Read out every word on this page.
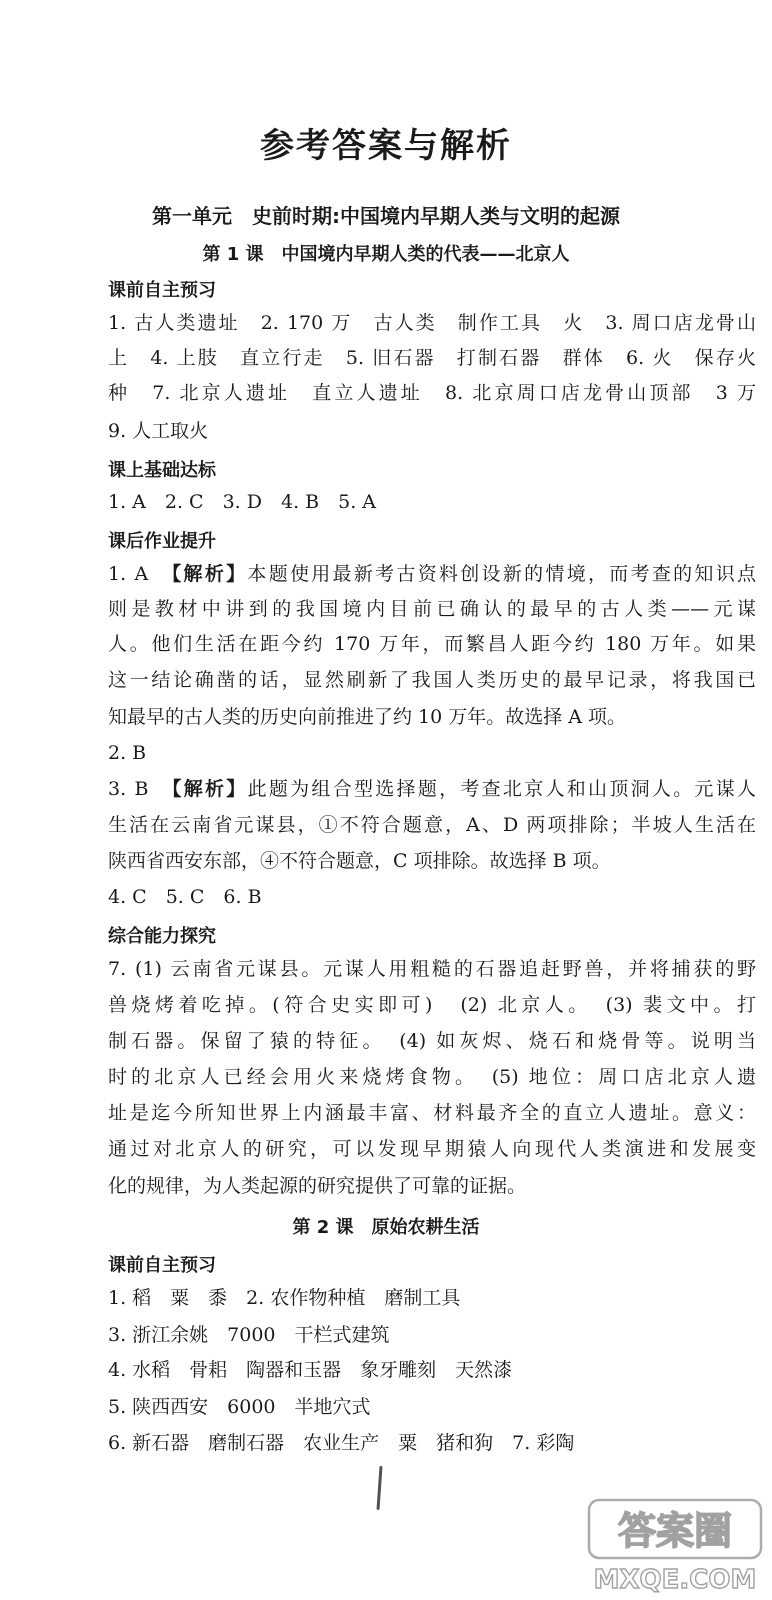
参考答案与解析
第一单元　史前时期:中国境内早期人类与文明的起源
第 1 课　中国境内早期人类的代表——北京人
课前自主预习

1. 古人类遗址　2. 170 万　古人类　制作工具　火　3. 周口店龙骨山

上　4. 上肢　直立行走　5. 旧石器　打制石器　群体　6. 火　保存火

种　7. 北京人遗址　直立人遗址　8. 北京周口店龙骨山顶部　3 万

9. 人工取火

课上基础达标

1. A　2. C　3. D　4. B　5. A

课后作业提升

1. A　【解析】本题使用最新考古资料创设新的情境，而考查的知识点

则是教材中讲到的我国境内目前已确认的最早的古人类——元谋

人。他们生活在距今约 170 万年，而繁昌人距今约 180 万年。如果

这一结论确凿的话，显然刷新了我国人类历史的最早记录，将我国已

知最早的古人类的历史向前推进了约 10 万年。故选择 A 项。

2. B

3. B　【解析】此题为组合型选择题，考查北京人和山顶洞人。元谋人

生活在云南省元谋县，①不符合题意，A、D 两项排除；半坡人生活在

陕西省西安东部，④不符合题意，C 项排除。故选择 B 项。

4. C　5. C　6. B

综合能力探究

7. (1) 云南省元谋县。元谋人用粗糙的石器追赶野兽，并将捕获的野

兽烧烤着吃掉。(符合史实即可)　(2) 北京人。　(3) 裴文中。打

制石器。保留了猿的特征。　(4) 如灰烬、烧石和烧骨等。说明当

时的北京人已经会用火来烧烤食物。　(5) 地位：周口店北京人遗

址是迄今所知世界上内涵最丰富、材料最齐全的直立人遗址。意义：

通过对北京人的研究，可以发现早期猿人向现代人类演进和发展变

化的规律，为人类起源的研究提供了可靠的证据。

第 2 课　原始农耕生活
课前自主预习

1. 稻　粟　黍　2. 农作物种植　磨制工具

3. 浙江余姚　7000　干栏式建筑

4. 水稻　骨耜　陶器和玉器　象牙雕刻　天然漆

5. 陕西西安　6000　半地穴式

6. 新石器　磨制石器　农业生产　粟　猪和狗　7. 彩陶

答案圈
MXQE.COM
